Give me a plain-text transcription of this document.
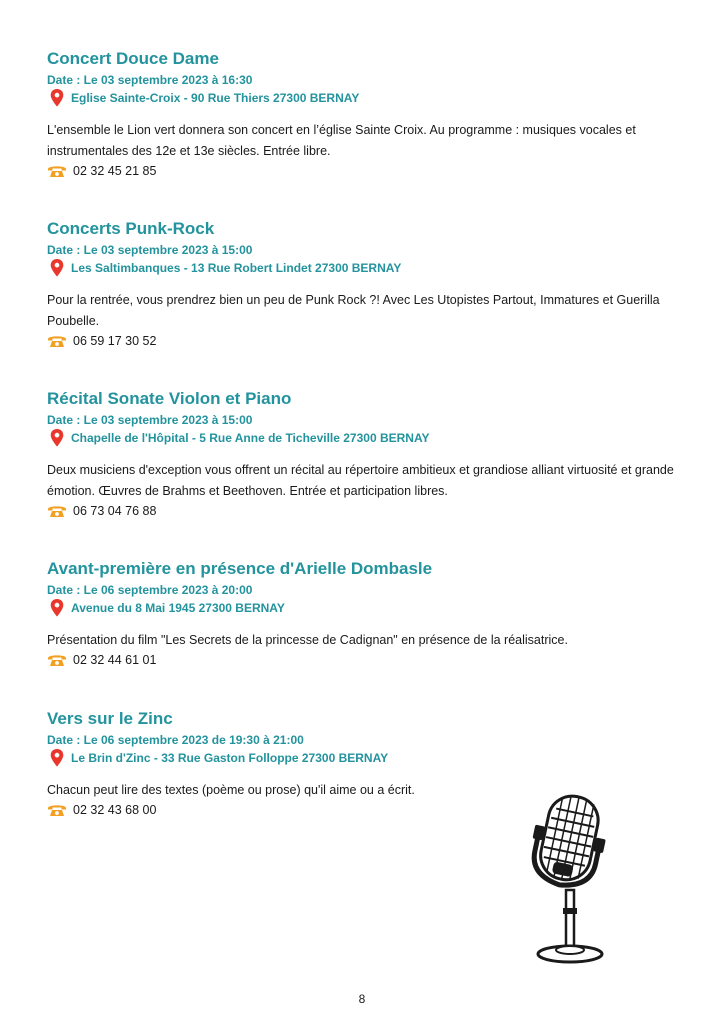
Concert Douce Dame
Date : Le 03 septembre 2023 à 16:30
Eglise Sainte-Croix - 90 Rue Thiers 27300 BERNAY
L'ensemble le Lion vert donnera son concert en l’église Sainte Croix. Au programme : musiques vocales et instrumentales des 12e et 13e siècles. Entrée libre.
02 32 45 21 85
Concerts Punk-Rock
Date : Le 03 septembre 2023 à 15:00
Les Saltimbanques - 13 Rue Robert Lindet 27300 BERNAY
Pour la rentrée, vous prendrez bien un peu de Punk Rock ?! Avec Les Utopistes Partout, Immatures et Guerilla Poubelle.
06 59 17 30 52
Récital Sonate Violon et Piano
Date : Le 03 septembre 2023 à 15:00
Chapelle de l'Hôpital - 5 Rue Anne de Ticheville 27300 BERNAY
Deux musiciens d'exception vous offrent un récital au répertoire ambitieux et grandiose alliant virtuosité et grande émotion. Œuvres de Brahms et Beethoven. Entrée et participation libres.
06 73 04 76 88
Avant-première en présence d'Arielle Dombasle
Date : Le 06 septembre 2023 à 20:00
Avenue du 8 Mai 1945 27300 BERNAY
Présentation du film "Les Secrets de la princesse de Cadignan" en présence de la réalisatrice.
02 32 44 61 01
Vers sur le Zinc
Date : Le 06 septembre 2023 de 19:30 à 21:00
Le Brin d'Zinc - 33 Rue Gaston Folloppe 27300 BERNAY
Chacun peut lire des textes (poème ou prose) qu'il aime ou a écrit.
02 32 43 68 00
8
